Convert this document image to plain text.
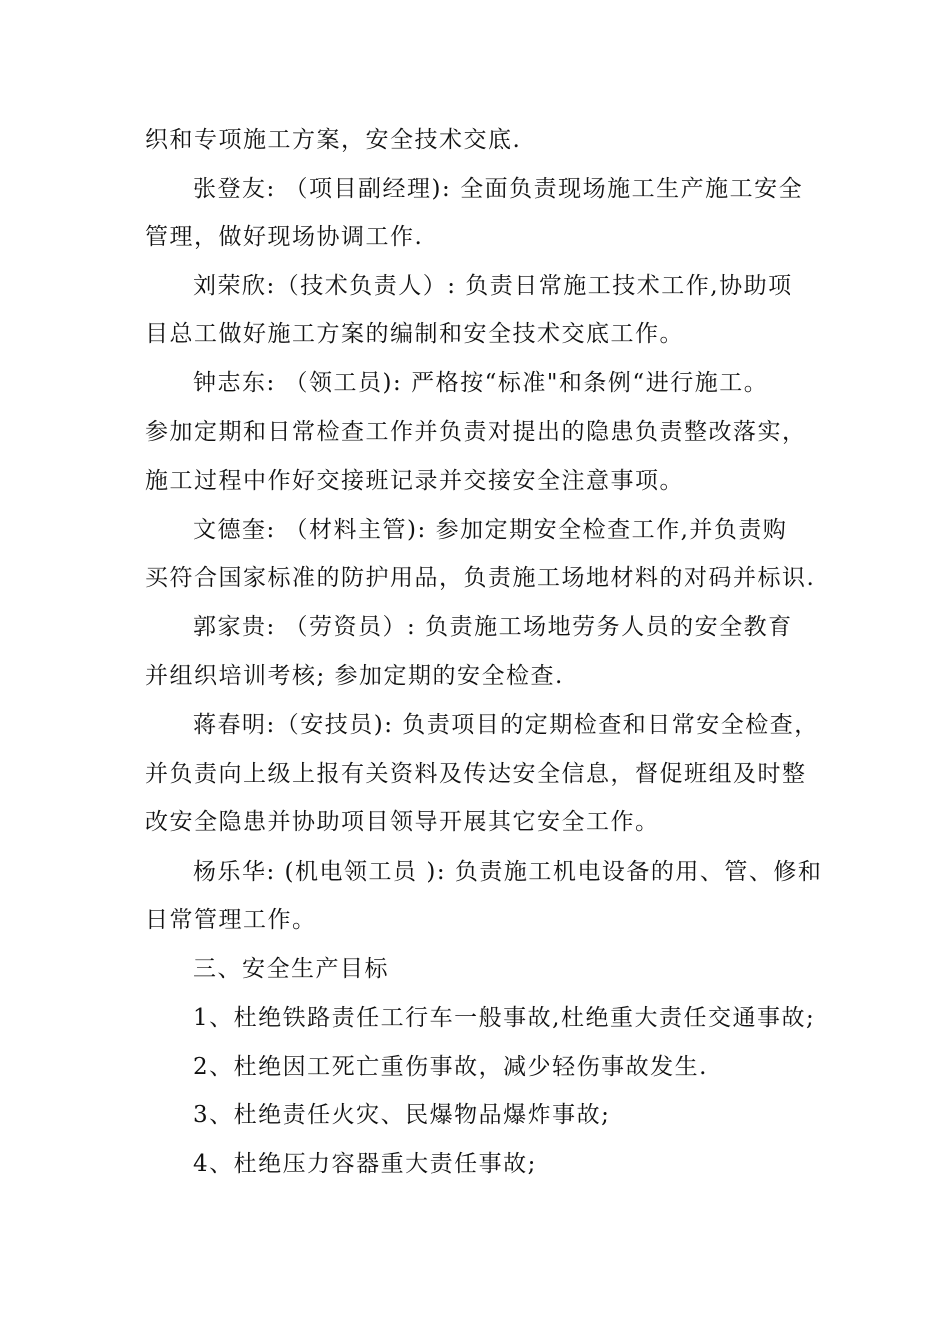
织和专项施工方案，安全技术交底.
张登友: （项目副经理): 全面负责现场施工生产施工安全
管理，做好现场协调工作.
刘荣欣:（技术负责人）: 负责日常施工技术工作,协助项
目总工做好施工方案的编制和安全技术交底工作。
钟志东: （领工员): 严格按“标准"和条例“进行施工。
参加定期和日常检查工作并负责对提出的隐患负责整改落实，
施工过程中作好交接班记录并交接安全注意事项。
文德奎: （材料主管): 参加定期安全检查工作,并负责购
买符合国家标准的防护用品，负责施工场地材料的对码并标识.
郭家贵: （劳资员）: 负责施工场地劳务人员的安全教育
并组织培训考核; 参加定期的安全检查.
蒋春明:（安技员): 负责项目的定期检查和日常安全检查，
并负责向上级上报有关资料及传达安全信息，督促班组及时整
改安全隐患并协助项目领导开展其它安全工作。
杨乐华: (机电领工员 ): 负责施工机电设备的用、管、修和
日常管理工作。
三、安全生产目标
1、杜绝铁路责任工行车一般事故,杜绝重大责任交通事故;
2、杜绝因工死亡重伤事故，减少轻伤事故发生.
3、杜绝责任火灾、民爆物品爆炸事故;
4、杜绝压力容器重大责任事故;
